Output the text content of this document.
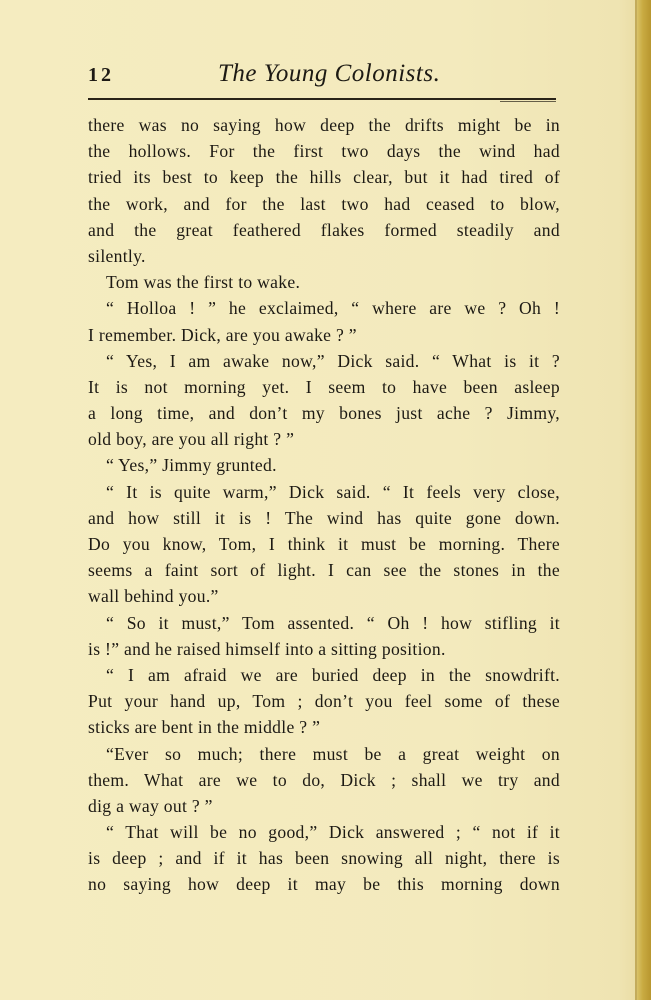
12	The Young Colonists.
there was no saying how deep the drifts might be in
the hollows. For the first two days the wind had
tried its best to keep the hills clear, but it had tired of
the work, and for the last two had ceased to blow,
and the great feathered flakes formed steadily and
silently.
Tom was the first to wake.
“ Holloa ! ” he exclaimed, “ where are we ? Oh !
I remember. Dick, are you awake ? ”
“ Yes, I am awake now,” Dick said. “ What is it ?
It is not morning yet. I seem to have been asleep
a long time, and don’t my bones just ache ? Jimmy,
old boy, are you all right ? ”
“ Yes,” Jimmy grunted.
“ It is quite warm,” Dick said. “ It feels very close,
and how still it is ! The wind has quite gone down.
Do you know, Tom, I think it must be morning. There
seems a faint sort of light. I can see the stones in the
wall behind you.”
“ So it must,” Tom assented. “ Oh ! how stifling it
is !” and he raised himself into a sitting position.
“ I am afraid we are buried deep in the snowdrift.
Put your hand up, Tom ; don’t you feel some of these
sticks are bent in the middle ? ”
“Ever so much; there must be a great weight on
them. What are we to do, Dick ; shall we try and
dig a way out ? ”
“ That will be no good,” Dick answered ; “ not if it
is deep ; and if it has been snowing all night, there is
no saying how deep it may be this morning down
